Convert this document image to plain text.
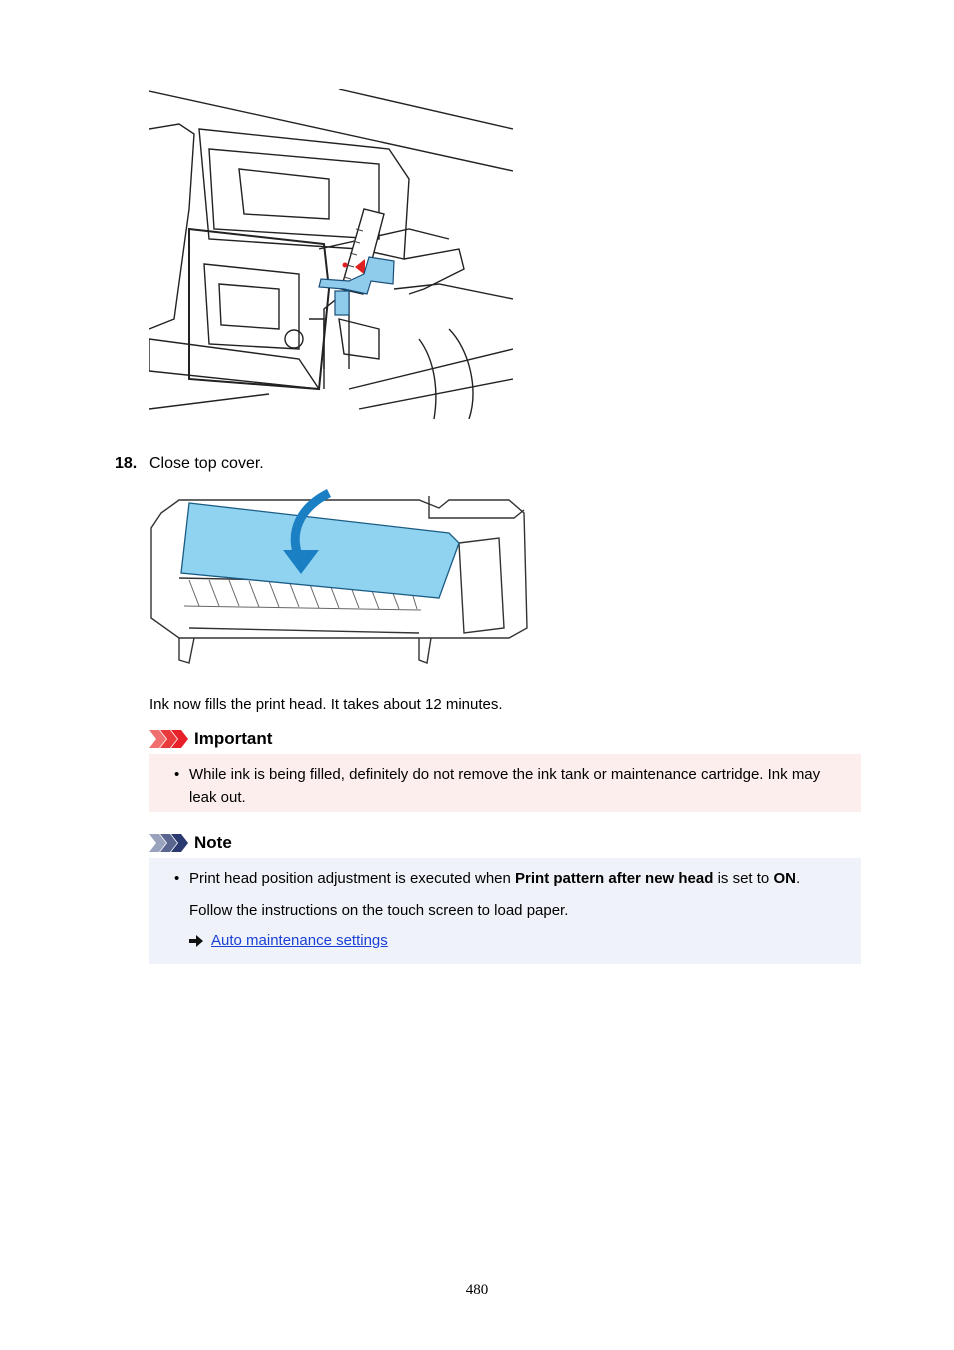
18. Close top cover.
Ink now fills the print head. It takes about 12 minutes.
Important
• While ink is being filled, definitely do not remove the ink tank or maintenance cartridge. Ink may leak out.
Note
• Print head position adjustment is executed when Print pattern after new head is set to ON.
Follow the instructions on the touch screen to load paper.
Auto maintenance settings
480
